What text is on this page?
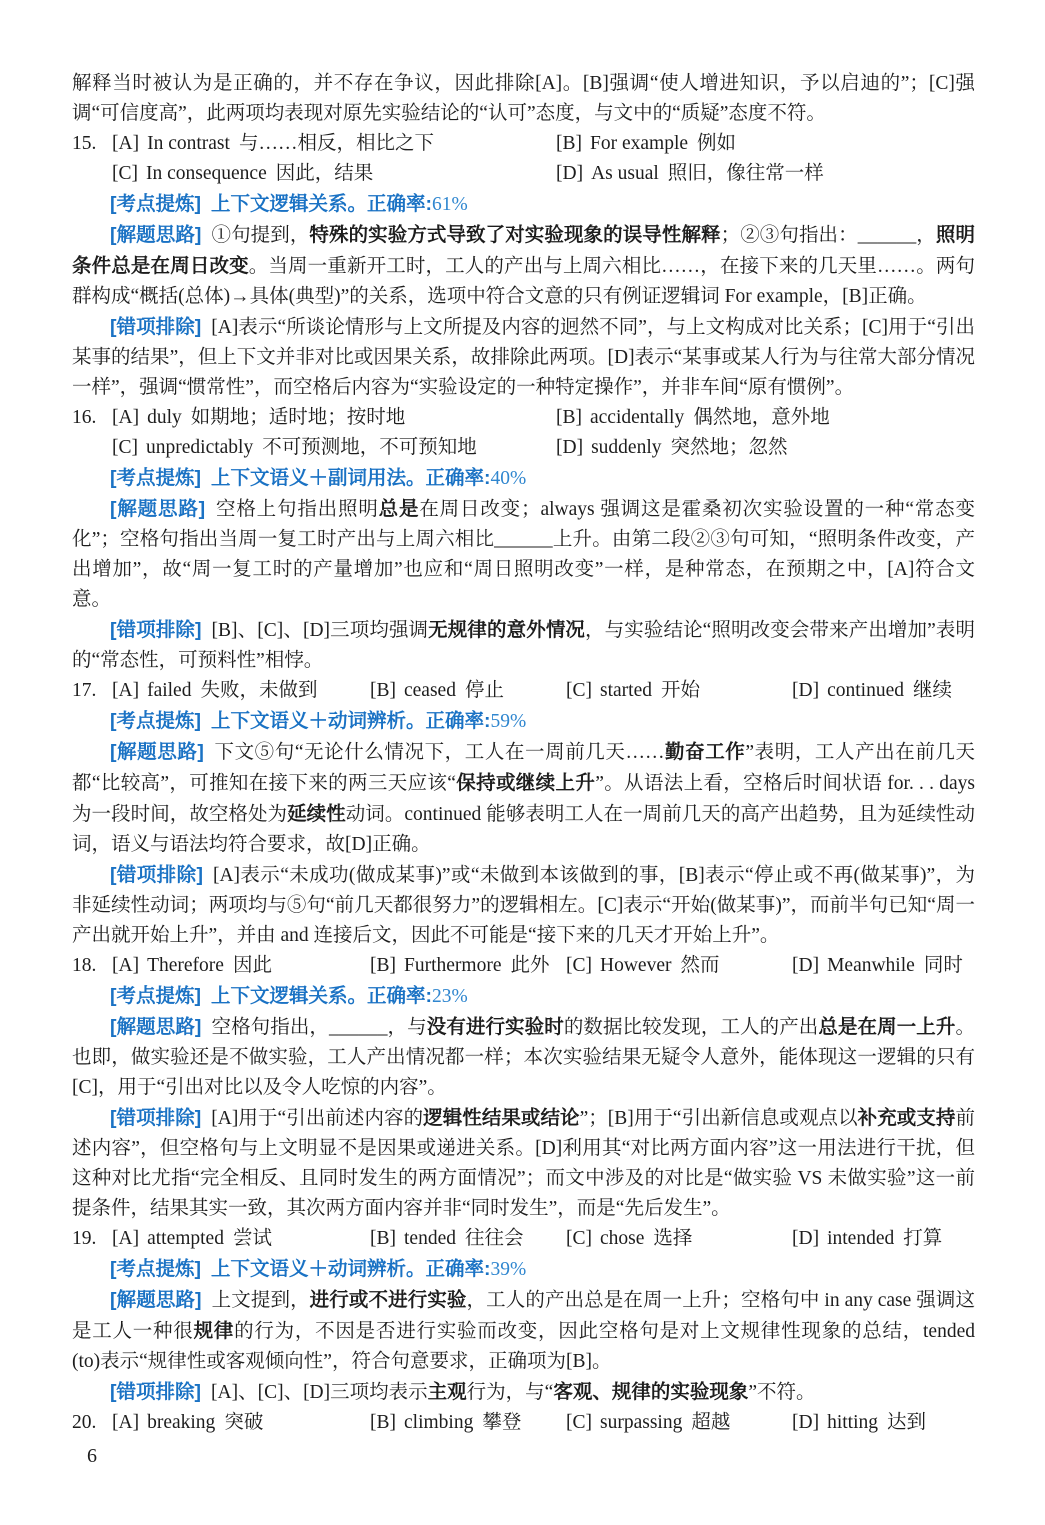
解释当时被认为是正确的，并不存在争议，因此排除[A]。[B]强调“使人增进知识，予以启迪的”；[C]强调“可信度高”，此两项均表现对原先实验结论的“认可”态度，与文中的“质疑”态度不符。

15. [A] In contrast 与……相反，相比之下	[B] For example 例如
[C] In consequence 因此，结果	[D] As usual 照旧，像往常一样

[考点提炼] 上下文逻辑关系。正确率:61%

[解题思路] ①句提到，特殊的实验方式导致了对实验现象的误导性解释；②③句指出：______，照明条件总是在周日改变。当周一重新开工时，工人的产出与上周六相比……，在接下来的几天里……。两句群构成“概括(总体)→具体(典型)”的关系，选项中符合文意的只有例证逻辑词 For example，[B]正确。

[错项排除] [A]表示“所谈论情形与上文所提及内容的迥然不同”，与上文构成对比关系；[C]用于“引出某事的结果”，但上下文并非对比或因果关系，故排除此两项。[D]表示“某事或某人行为与往常大部分情况一样”，强调“惯常性”，而空格后内容为“实验设定的一种特定操作”，并非车间“原有惯例”。

16. [A] duly 如期地；适时地；按时地	[B] accidentally 偶然地，意外地
[C] unpredictably 不可预测地，不可预知地	[D] suddenly 突然地；忽然

[考点提炼] 上下文语义＋副词用法。正确率:40%

[解题思路] 空格上句指出照明总是在周日改变；always 强调这是霍桑初次实验设置的一种“常态变化”；空格句指出当周一复工时产出与上周六相比______上升。由第二段②③句可知，“照明条件改变，产出增加”，故“周一复工时的产量增加”也应和“周日照明改变”一样，是种常态，在预期之中，[A]符合文意。

[错项排除] [B]、[C]、[D]三项均强调无规律的意外情况，与实验结论“照明改变会带来产出增加”表明的“常态性，可预料性”相悖。

17. [A] failed 失败，未做到	[B] ceased 停止	[C] started 开始	[D] continued 继续

[考点提炼] 上下文语义＋动词辨析。正确率:59%

[解题思路] 下文⑤句“无论什么情况下，工人在一周前几天……勤奋工作”表明，工人产出在前几天都“比较高”，可推知在接下来的两三天应该“保持或继续上升”。从语法上看，空格后时间状语 for. . . days 为一段时间，故空格处为延续性动词。continued 能够表明工人在一周前几天的高产出趋势，且为延续性动词，语义与语法均符合要求，故[D]正确。

[错项排除] [A]表示“未成功(做成某事)”或“未做到本该做到的事，[B]表示“停止或不再(做某事)”，为非延续性动词；两项均与⑤句“前几天都很努力”的逻辑相左。[C]表示“开始(做某事)”，而前半句已知“周一产出就开始上升”，并由 and 连接后文，因此不可能是“接下来的几天才开始上升”。

18. [A] Therefore 因此	[B] Furthermore 此外 [C] However 然而	[D] Meanwhile 同时

[考点提炼] 上下文逻辑关系。正确率:23%

[解题思路] 空格句指出，______，与没有进行实验时的数据比较发现，工人的产出总是在周一上升。也即，做实验还是不做实验，工人产出情况都一样；本次实验结果无疑令人意外，能体现这一逻辑的只有[C]，用于“引出对比以及令人吃惊的内容”。

[错项排除] [A]用于“引出前述内容的逻辑性结果或结论”；[B]用于“引出新信息或观点以补充或支持前述内容”，但空格句与上文明显不是因果或递进关系。[D]利用其“对比两方面内容”这一用法进行干扰，但这种对比尤指“完全相反、且同时发生的两方面情况”；而文中涉及的对比是“做实验 VS 未做实验”这一前提条件，结果其实一致，其次两方面内容并非“同时发生”，而是“先后发生”。

19. [A] attempted 尝试	[B] tended 往往会	[C] chose 选择	[D] intended 打算

[考点提炼] 上下文语义＋动词辨析。正确率:39%

[解题思路] 上文提到，进行或不进行实验，工人的产出总是在周一上升；空格句中 in any case 强调这是工人一种很规律的行为，不因是否进行实验而改变，因此空格句是对上文规律性现象的总结，tended (to)表示“规律性或客观倾向性”，符合句意要求，正确项为[B]。

[错项排除] [A]、[C]、[D]三项均表示主观行为，与“客观、规律的实验现象”不符。

20. [A] breaking 突破	[B] climbing 攀登	[C] surpassing 超越	[D] hitting 达到
6
